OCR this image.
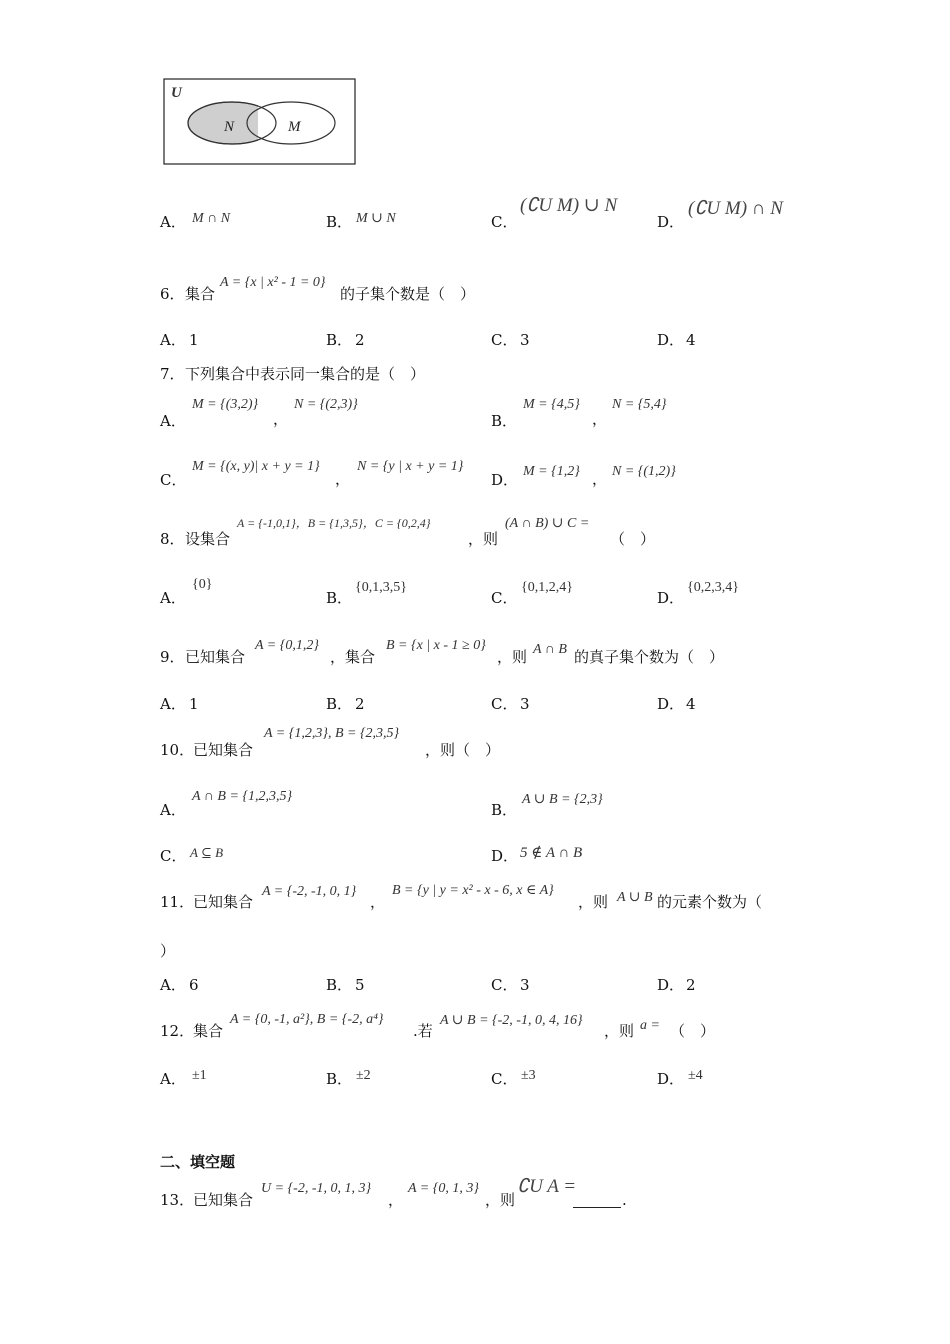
U
N	M
A． M ∩ N	B． M ∪ N	C．
(∁U M) ∪ N
D．
(∁U M) ∩ N
6． 集合
A = {x | x² - 1 = 0}
的子集个数是（　）
A． 1	B． 2	C． 3	D． 4
7． 下列集合中表示同一集合的是（　）
A．
M = {(3,2)}
，
N = {(2,3)}
B．
M = {4,5}
，
N = {5,4}
C．
M = {(x, y)| x + y = 1}
，
N = {y | x + y = 1}
D． M = {1,2} ， N = {(1,2)}
8． 设集合
A = {-1,0,1}，B = {1,3,5}，C = {0,2,4}
，则
(A ∩ B) ∪ C =
（　）
A．
{0}
B．
{0,1,3,5}
C．
{0,1,2,4}
D．
{0,2,3,4}
9． 已知集合
A = {0,1,2}
，集合
B = {x | x - 1 ≥ 0}
，则 A ∩ B 的真子集个数为（　）
A． 1	B． 2	C． 3	D． 4
10．
已知集合
A = {1,2,3}, B = {2,3,5}
，则（　）
A．
A ∩ B = {1,2,3,5}
B．
A ∪ B = {2,3}
C． A ⊆ B	D． 5 ∉ A ∩ B
11．
已知集合
A = {-2, -1, 0, 1}
，
B = {y | y = x² - x - 6, x ∈ A}
，则 A ∪ B 的元素个数为（
）
A． 6	B． 5	C． 3	D． 2
12．
集合
A = {0, -1, a²}, B = {-2, a⁴}
.若
A ∪ B = {-2, -1, 0, 4, 16}
，则 a = （　）
A． ±1	B． ±2	C． ±3	D． ±4
二、填空题
13．
已知集合
U = {-2, -1, 0, 1, 3}
，
A = {0, 1, 3}
，则
∁U A =
.
